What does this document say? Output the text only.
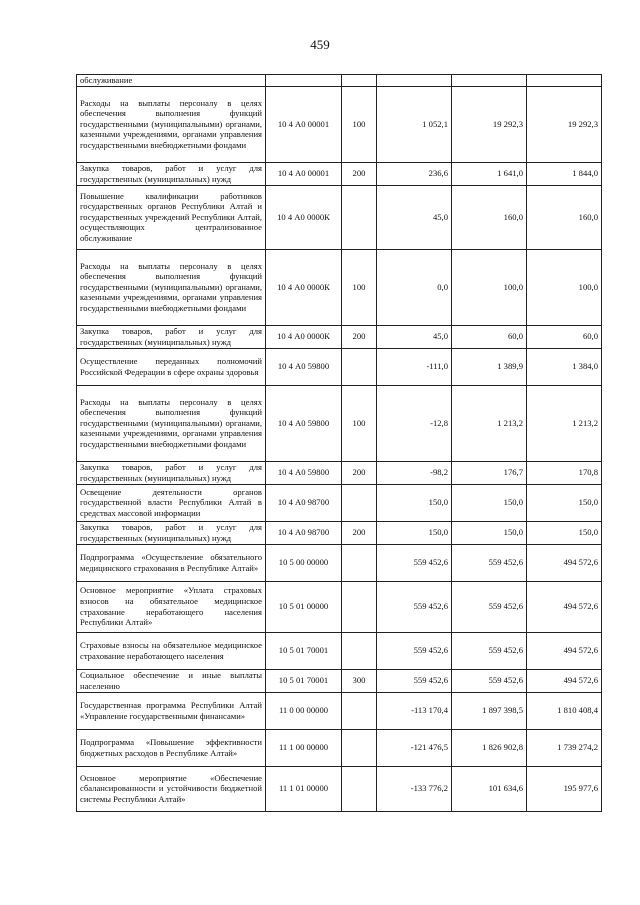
459
обслуживание					
Расходы на выплаты персоналу в целях обеспечения выполнения функций государственными (муниципальными) органами, казенными учреждениями, органами управления государственными внебюджетными фондами	10 4 А0 00001	100	1 052,1	19 292,3	19 292,3
Закупка товаров, работ и услуг для государственных (муниципальных) нужд	10 4 А0 00001	200	236,6	1 641,0	1 844,0
Повышение квалификации работников государственных органов Республики Алтай и государственных учреждений Республики Алтай, осуществляющих централизованное обслуживание	10 4 А0 0000К		45,0	160,0	160,0
Расходы на выплаты персоналу в целях обеспечения выполнения функций государственными (муниципальными) органами, казенными учреждениями, органами управления государственными внебюджетными фондами	10 4 А0 0000К	100	0,0	100,0	100,0
Закупка товаров, работ и услуг для государственных (муниципальных) нужд	10 4 А0 0000К	200	45,0	60,0	60,0
Осуществление переданных полномочий Российской Федерации в сфере охраны здоровья	10 4 А0 59800		-111,0	1 389,9	1 384,0
Расходы на выплаты персоналу в целях обеспечения выполнения функций государственными (муниципальными) органами, казенными учреждениями, органами управления государственными внебюджетными фондами	10 4 А0 59800	100	-12,8	1 213,2	1 213,2
Закупка товаров, работ и услуг для государственных (муниципальных) нужд	10 4 А0 59800	200	-98,2	176,7	170,8
Освещение деятельности органов государственной власти Республики Алтай в средствах массовой информации	10 4 А0 98700		150,0	150,0	150,0
Закупка товаров, работ и услуг для государственных (муниципальных) нужд	10 4 А0 98700	200	150,0	150,0	150,0
Подпрограмма «Осуществление обязательного медицинского страхования в Республике Алтай»	10 5 00 00000		559 452,6	559 452,6	494 572,6
Основное мероприятие «Уплата страховых взносов на обязательное медицинское страхование неработающего населения Республики Алтай»	10 5 01 00000		559 452,6	559 452,6	494 572,6
Страховые взносы на обязательное медицинское страхование неработающего населения	10 5 01 70001		559 452,6	559 452,6	494 572,6
Социальное обеспечение и иные выплаты населению	10 5 01 70001	300	559 452,6	559 452,6	494 572,6
Государственная программа Республики Алтай «Управление государственными финансами»	11 0 00 00000		-113 170,4	1 897 398,5	1 810 408,4
Подпрограмма «Повышение эффективности бюджетных расходов в Республике Алтай»	11 1 00 00000		-121 476,5	1 826 902,8	1 739 274,2
Основное мероприятие «Обеспечение сбалансированности и устойчивости бюджетной системы Республики Алтай»	11 1 01 00000		-133 776,2	101 634,6	195 977,6
